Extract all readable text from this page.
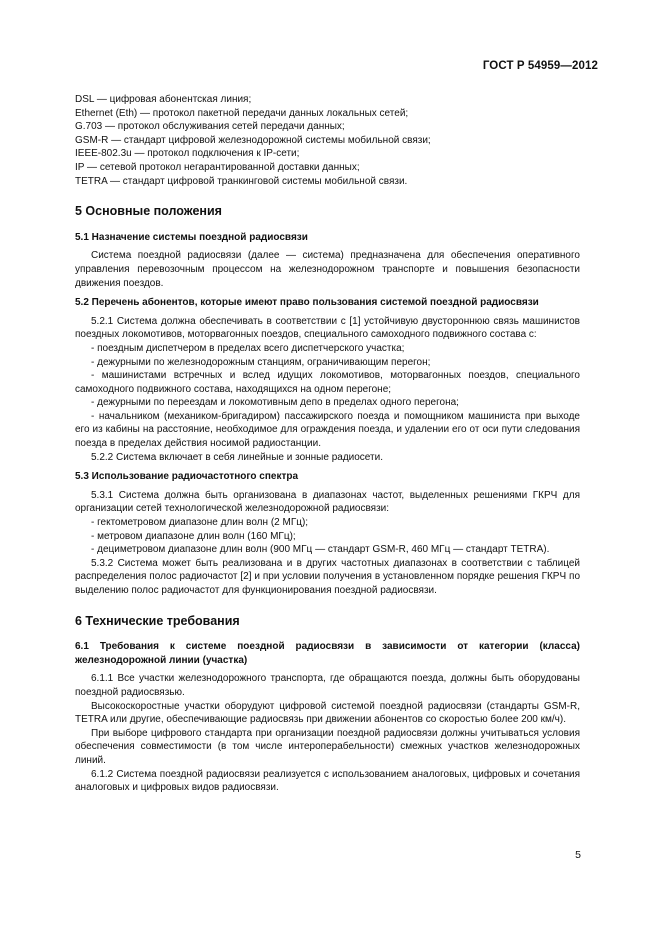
ГОСТ Р 54959—2012

DSL — цифровая абонентская линия;

Ethernet (Eth) — протокол пакетной передачи данных локальных сетей;

G.703 — протокол обслуживания сетей передачи данных;

GSM-R — стандарт цифровой железнодорожной системы мобильной связи;

IEEE-802.3u — протокол подключения к IP-сети;

IP — сетевой протокол негарантированной доставки данных;

TETRA — стандарт цифровой транкинговой системы мобильной связи.

5 Основные положения
5.1 Назначение системы поездной радиосвязи

Система поездной радиосвязи (далее — система) предназначена для обеспечения оперативного управления перевозочным процессом на железнодорожном транспорте и повышения безопасности движения поездов.

5.2 Перечень абонентов, которые имеют право пользования системой поездной радиосвязи

5.2.1 Система должна обеспечивать в соответствии с [1] устойчивую двустороннюю связь машинистов поездных локомотивов, моторвагонных поездов, специального самоходного подвижного состава с:

- поездным диспетчером в пределах всего диспетчерского участка;

- дежурными по железнодорожным станциям, ограничивающим перегон;

- машинистами встречных и вслед идущих локомотивов, моторвагонных поездов, специального самоходного подвижного состава, находящихся на одном перегоне;

- дежурными по переездам и локомотивным депо в пределах одного перегона;

- начальником (механиком-бригадиром) пассажирского поезда и помощником машиниста при выходе его из кабины на расстояние, необходимое для ограждения поезда, и удалении его от оси пути следования поезда в пределах действия носимой радиостанции.

5.2.2 Система включает в себя линейные и зонные радиосети.

5.3 Использование радиочастотного спектра

5.3.1 Система должна быть организована в диапазонах частот, выделенных решениями ГКРЧ для организации сетей технологической железнодорожной радиосвязи:

- гектометровом диапазоне длин волн (2 МГц);

- метровом диапазоне длин волн (160 МГц);

- дециметровом диапазоне длин волн (900 МГц — стандарт GSM-R, 460 МГц — стандарт TETRA).

5.3.2 Система может быть реализована и в других частотных диапазонах в соответствии с таблицей распределения полос радиочастот [2] и при условии получения в установленном порядке решения ГКРЧ по выделению полос радиочастот для функционирования поездной радиосвязи.

6 Технические требования
6.1 Требования к системе поездной радиосвязи в зависимости от категории (класса) железнодорожной линии (участка)

6.1.1 Все участки железнодорожного транспорта, где обращаются поезда, должны быть оборудованы поездной радиосвязью.

Высокоскоростные участки оборудуют цифровой системой поездной радиосвязи (стандарты GSM-R, TETRA или другие, обеспечивающие радиосвязь при движении абонентов со скоростью более 200 км/ч).

При выборе цифрового стандарта при организации поездной радиосвязи должны учитываться условия обеспечения совместимости (в том числе интероперабельности) смежных участков железнодорожных линий.

6.1.2 Система поездной радиосвязи реализуется с использованием аналоговых, цифровых и сочетания аналоговых и цифровых видов радиосвязи.

5
